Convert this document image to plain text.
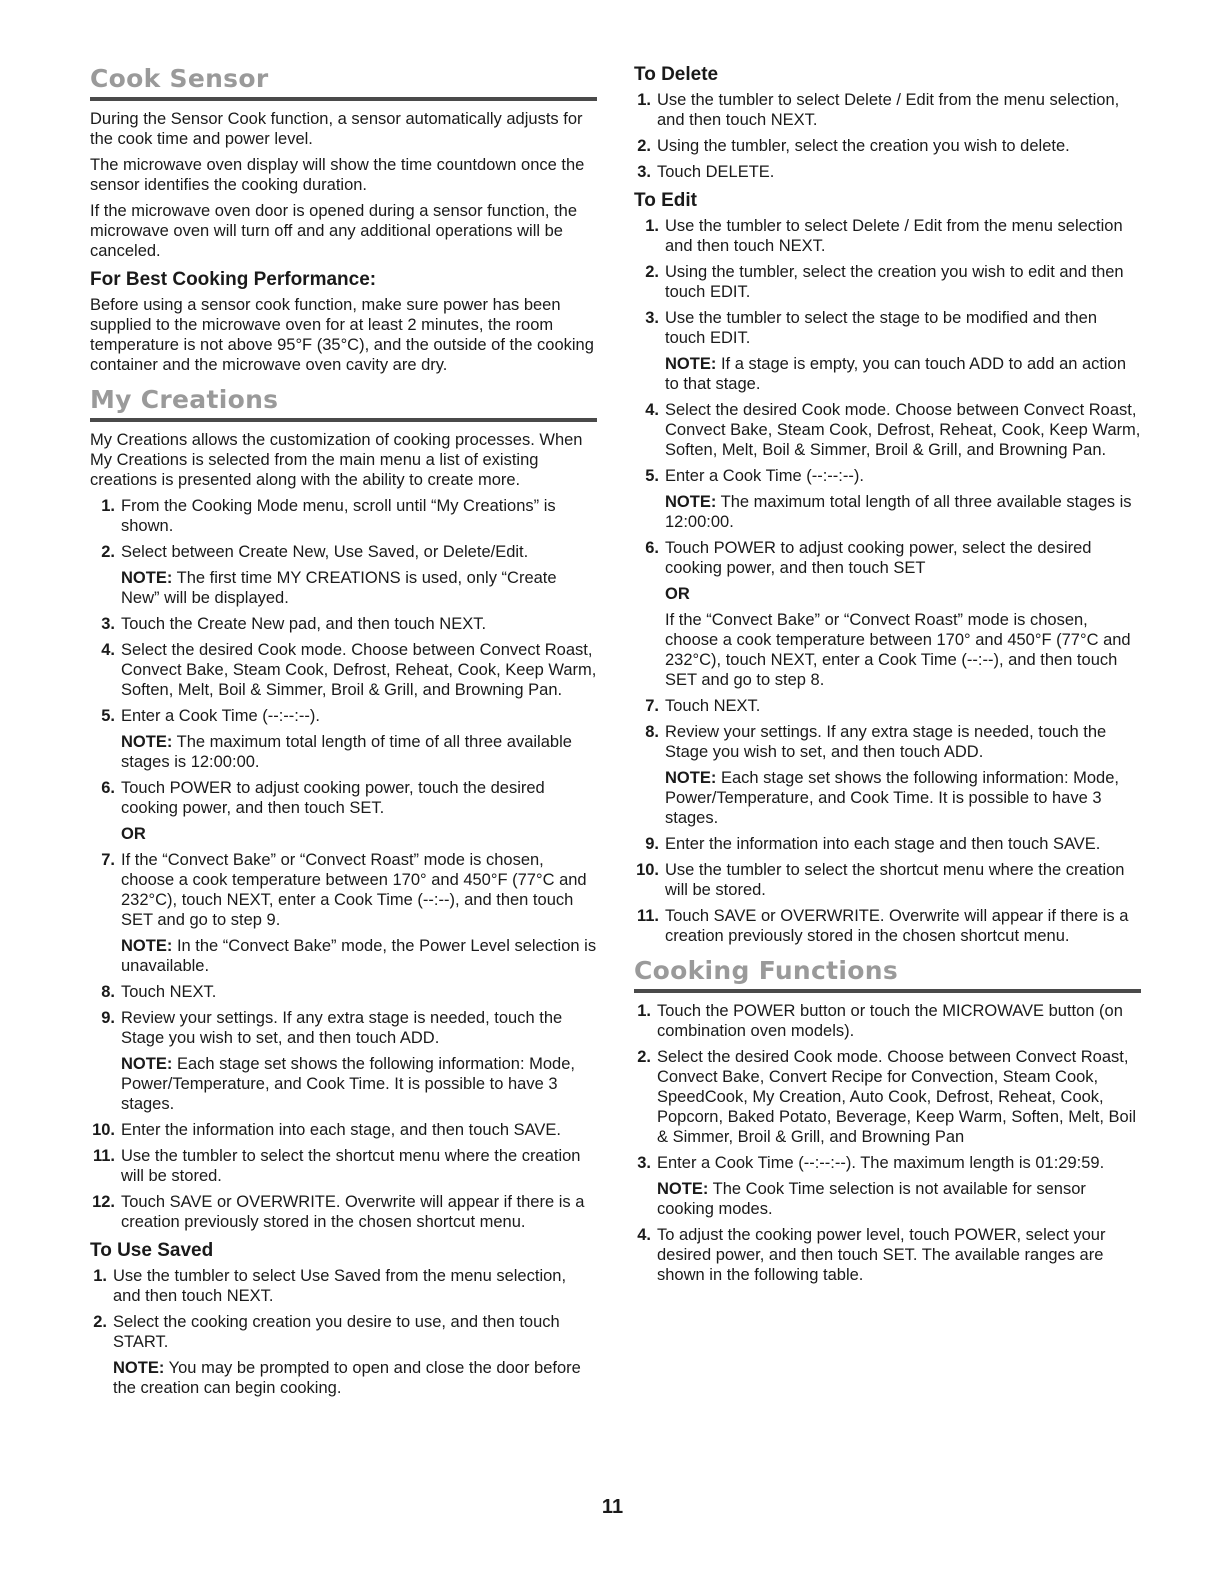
Cook Sensor

During the Sensor Cook function, a sensor automatically adjusts for the cook time and power level.

The microwave oven display will show the time countdown once the sensor identifies the cooking duration.

If the microwave oven door is opened during a sensor function, the microwave oven will turn off and any additional operations will be canceled.

For Best Cooking Performance:

Before using a sensor cook function, make sure power has been supplied to the microwave oven for at least 2 minutes, the room temperature is not above 95°F (35°C), and the outside of the cooking container and the microwave oven cavity are dry.

My Creations

My Creations allows the customization of cooking processes. When My Creations is selected from the main menu a list of existing creations is presented along with the ability to create more.

1. From the Cooking Mode menu, scroll until “My Creations” is shown.
2. Select between Create New, Use Saved, or Delete/Edit.
NOTE: The first time MY CREATIONS is used, only “Create New” will be displayed.
3. Touch the Create New pad, and then touch NEXT.
4. Select the desired Cook mode. Choose between Convect Roast, Convect Bake, Steam Cook, Defrost, Reheat, Cook, Keep Warm, Soften, Melt, Boil & Simmer, Broil & Grill, and Browning Pan.
5. Enter a Cook Time (--:--:--).
NOTE: The maximum total length of time of all three available stages is 12:00:00.
6. Touch POWER to adjust cooking power, touch the desired cooking power, and then touch SET.
OR
7. If the “Convect Bake” or “Convect Roast” mode is chosen, choose a cook temperature between 170° and 450°F (77°C and 232°C), touch NEXT, enter a Cook Time (--:--), and then touch SET and go to step 9.
NOTE: In the “Convect Bake” mode, the Power Level selection is unavailable.
8. Touch NEXT.
9. Review your settings. If any extra stage is needed, touch the Stage you wish to set, and then touch ADD.
NOTE: Each stage set shows the following information: Mode, Power/Temperature, and Cook Time. It is possible to have 3 stages.
10. Enter the information into each stage, and then touch SAVE.
11. Use the tumbler to select the shortcut menu where the creation will be stored.
12. Touch SAVE or OVERWRITE. Overwrite will appear if there is a creation previously stored in the chosen shortcut menu.
To Use Saved
1. Use the tumbler to select Use Saved from the menu selection, and then touch NEXT.
2. Select the cooking creation you desire to use, and then touch START.
NOTE: You may be prompted to open and close the door before the creation can begin cooking.
To Delete
1. Use the tumbler to select Delete / Edit from the menu selection, and then touch NEXT.
2. Using the tumbler, select the creation you wish to delete.
3. Touch DELETE.
To Edit
1. Use the tumbler to select Delete / Edit from the menu selection and then touch NEXT.
2. Using the tumbler, select the creation you wish to edit and then touch EDIT.
3. Use the tumbler to select the stage to be modified and then touch EDIT.
NOTE: If a stage is empty, you can touch ADD to add an action to that stage.
4. Select the desired Cook mode. Choose between Convect Roast, Convect Bake, Steam Cook, Defrost, Reheat, Cook, Keep Warm, Soften, Melt, Boil & Simmer, Broil & Grill, and Browning Pan.
5. Enter a Cook Time (--:--:--).
NOTE: The maximum total length of all three available stages is 12:00:00.
6. Touch POWER to adjust cooking power, select the desired cooking power, and then touch SET
OR
If the “Convect Bake” or “Convect Roast” mode is chosen, choose a cook temperature between 170° and 450°F (77°C and 232°C), touch NEXT, enter a Cook Time (--:--), and then touch SET and go to step 8.
7. Touch NEXT.
8. Review your settings. If any extra stage is needed, touch the Stage you wish to set, and then touch ADD.
NOTE: Each stage set shows the following information: Mode, Power/Temperature, and Cook Time. It is possible to have 3 stages.
9. Enter the information into each stage and then touch SAVE.
10. Use the tumbler to select the shortcut menu where the creation will be stored.
11. Touch SAVE or OVERWRITE. Overwrite will appear if there is a creation previously stored in the chosen shortcut menu.
Cooking Functions
1. Touch the POWER button or touch the MICROWAVE button (on combination oven models).
2. Select the desired Cook mode. Choose between Convect Roast, Convect Bake, Convert Recipe for Convection, Steam Cook, SpeedCook, My Creation, Auto Cook, Defrost, Reheat, Cook, Popcorn, Baked Potato, Beverage, Keep Warm, Soften, Melt, Boil & Simmer, Broil & Grill, and Browning Pan
3. Enter a Cook Time (--:--:--). The maximum length is 01:29:59.
NOTE: The Cook Time selection is not available for sensor cooking modes.
4. To adjust the cooking power level, touch POWER, select your desired power, and then touch SET. The available ranges are shown in the following table.
11
